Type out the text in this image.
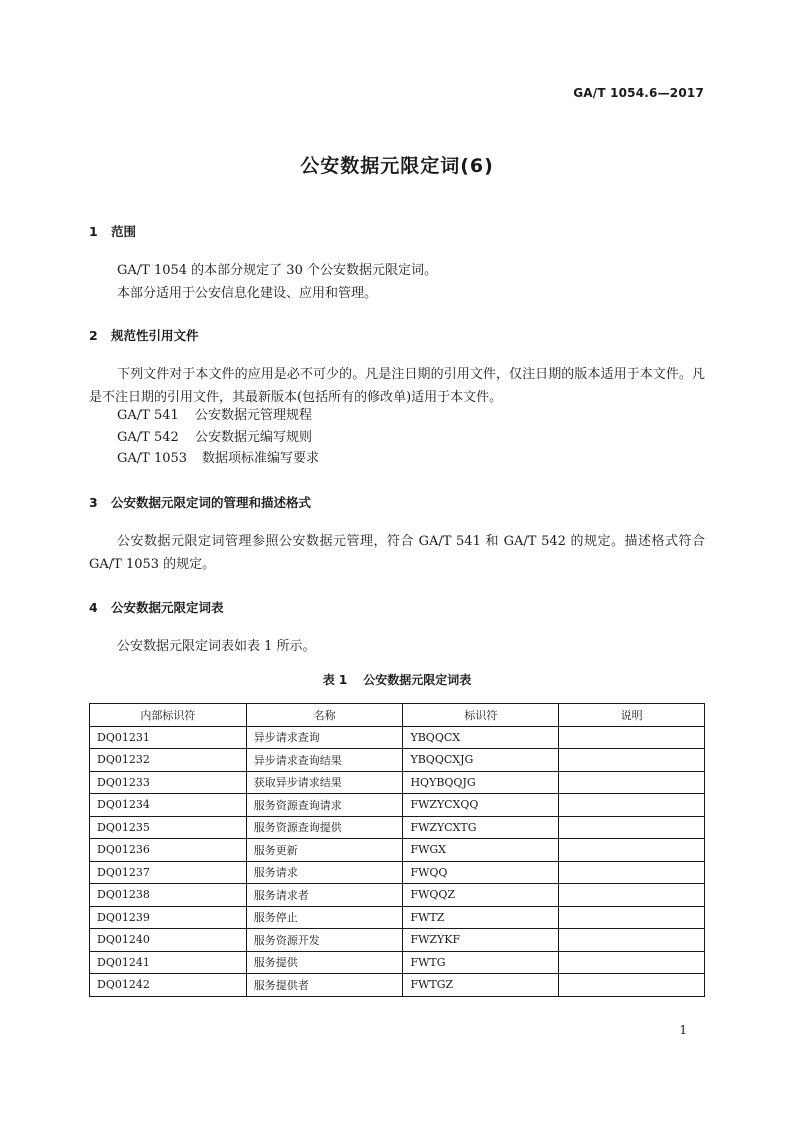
GA/T 1054.6—2017
公安数据元限定词(6)
1 范围

GA/T 1054 的本部分规定了 30 个公安数据元限定词。

本部分适用于公安信息化建设、应用和管理。

2 规范性引用文件

下列文件对于本文件的应用是必不可少的。凡是注日期的引用文件，仅注日期的版本适用于本文件。凡是不注日期的引用文件，其最新版本(包括所有的修改单)适用于本文件。

GA/T 541 公安数据元管理规程
GA/T 542 公安数据元编写规则
GA/T 1053 数据项标准编写要求
3 公安数据元限定词的管理和描述格式

公安数据元限定词管理参照公安数据元管理，符合 GA/T 541 和 GA/T 542 的规定。描述格式符合 GA/T 1053 的规定。

4 公安数据元限定词表

公安数据元限定词表如表 1 所示。

表 1 公安数据元限定词表
内部标识符	名称	标识符	说明
DQ01231	异步请求查询	YBQQCX	
DQ01232	异步请求查询结果	YBQQCXJG	
DQ01233	获取异步请求结果	HQYBQQJG	
DQ01234	服务资源查询请求	FWZYCXQQ	
DQ01235	服务资源查询提供	FWZYCXTG	
DQ01236	服务更新	FWGX	
DQ01237	服务请求	FWQQ	
DQ01238	服务请求者	FWQQZ	
DQ01239	服务停止	FWTZ	
DQ01240	服务资源开发	FWZYKF	
DQ01241	服务提供	FWTG	
DQ01242	服务提供者	FWTGZ	
1
